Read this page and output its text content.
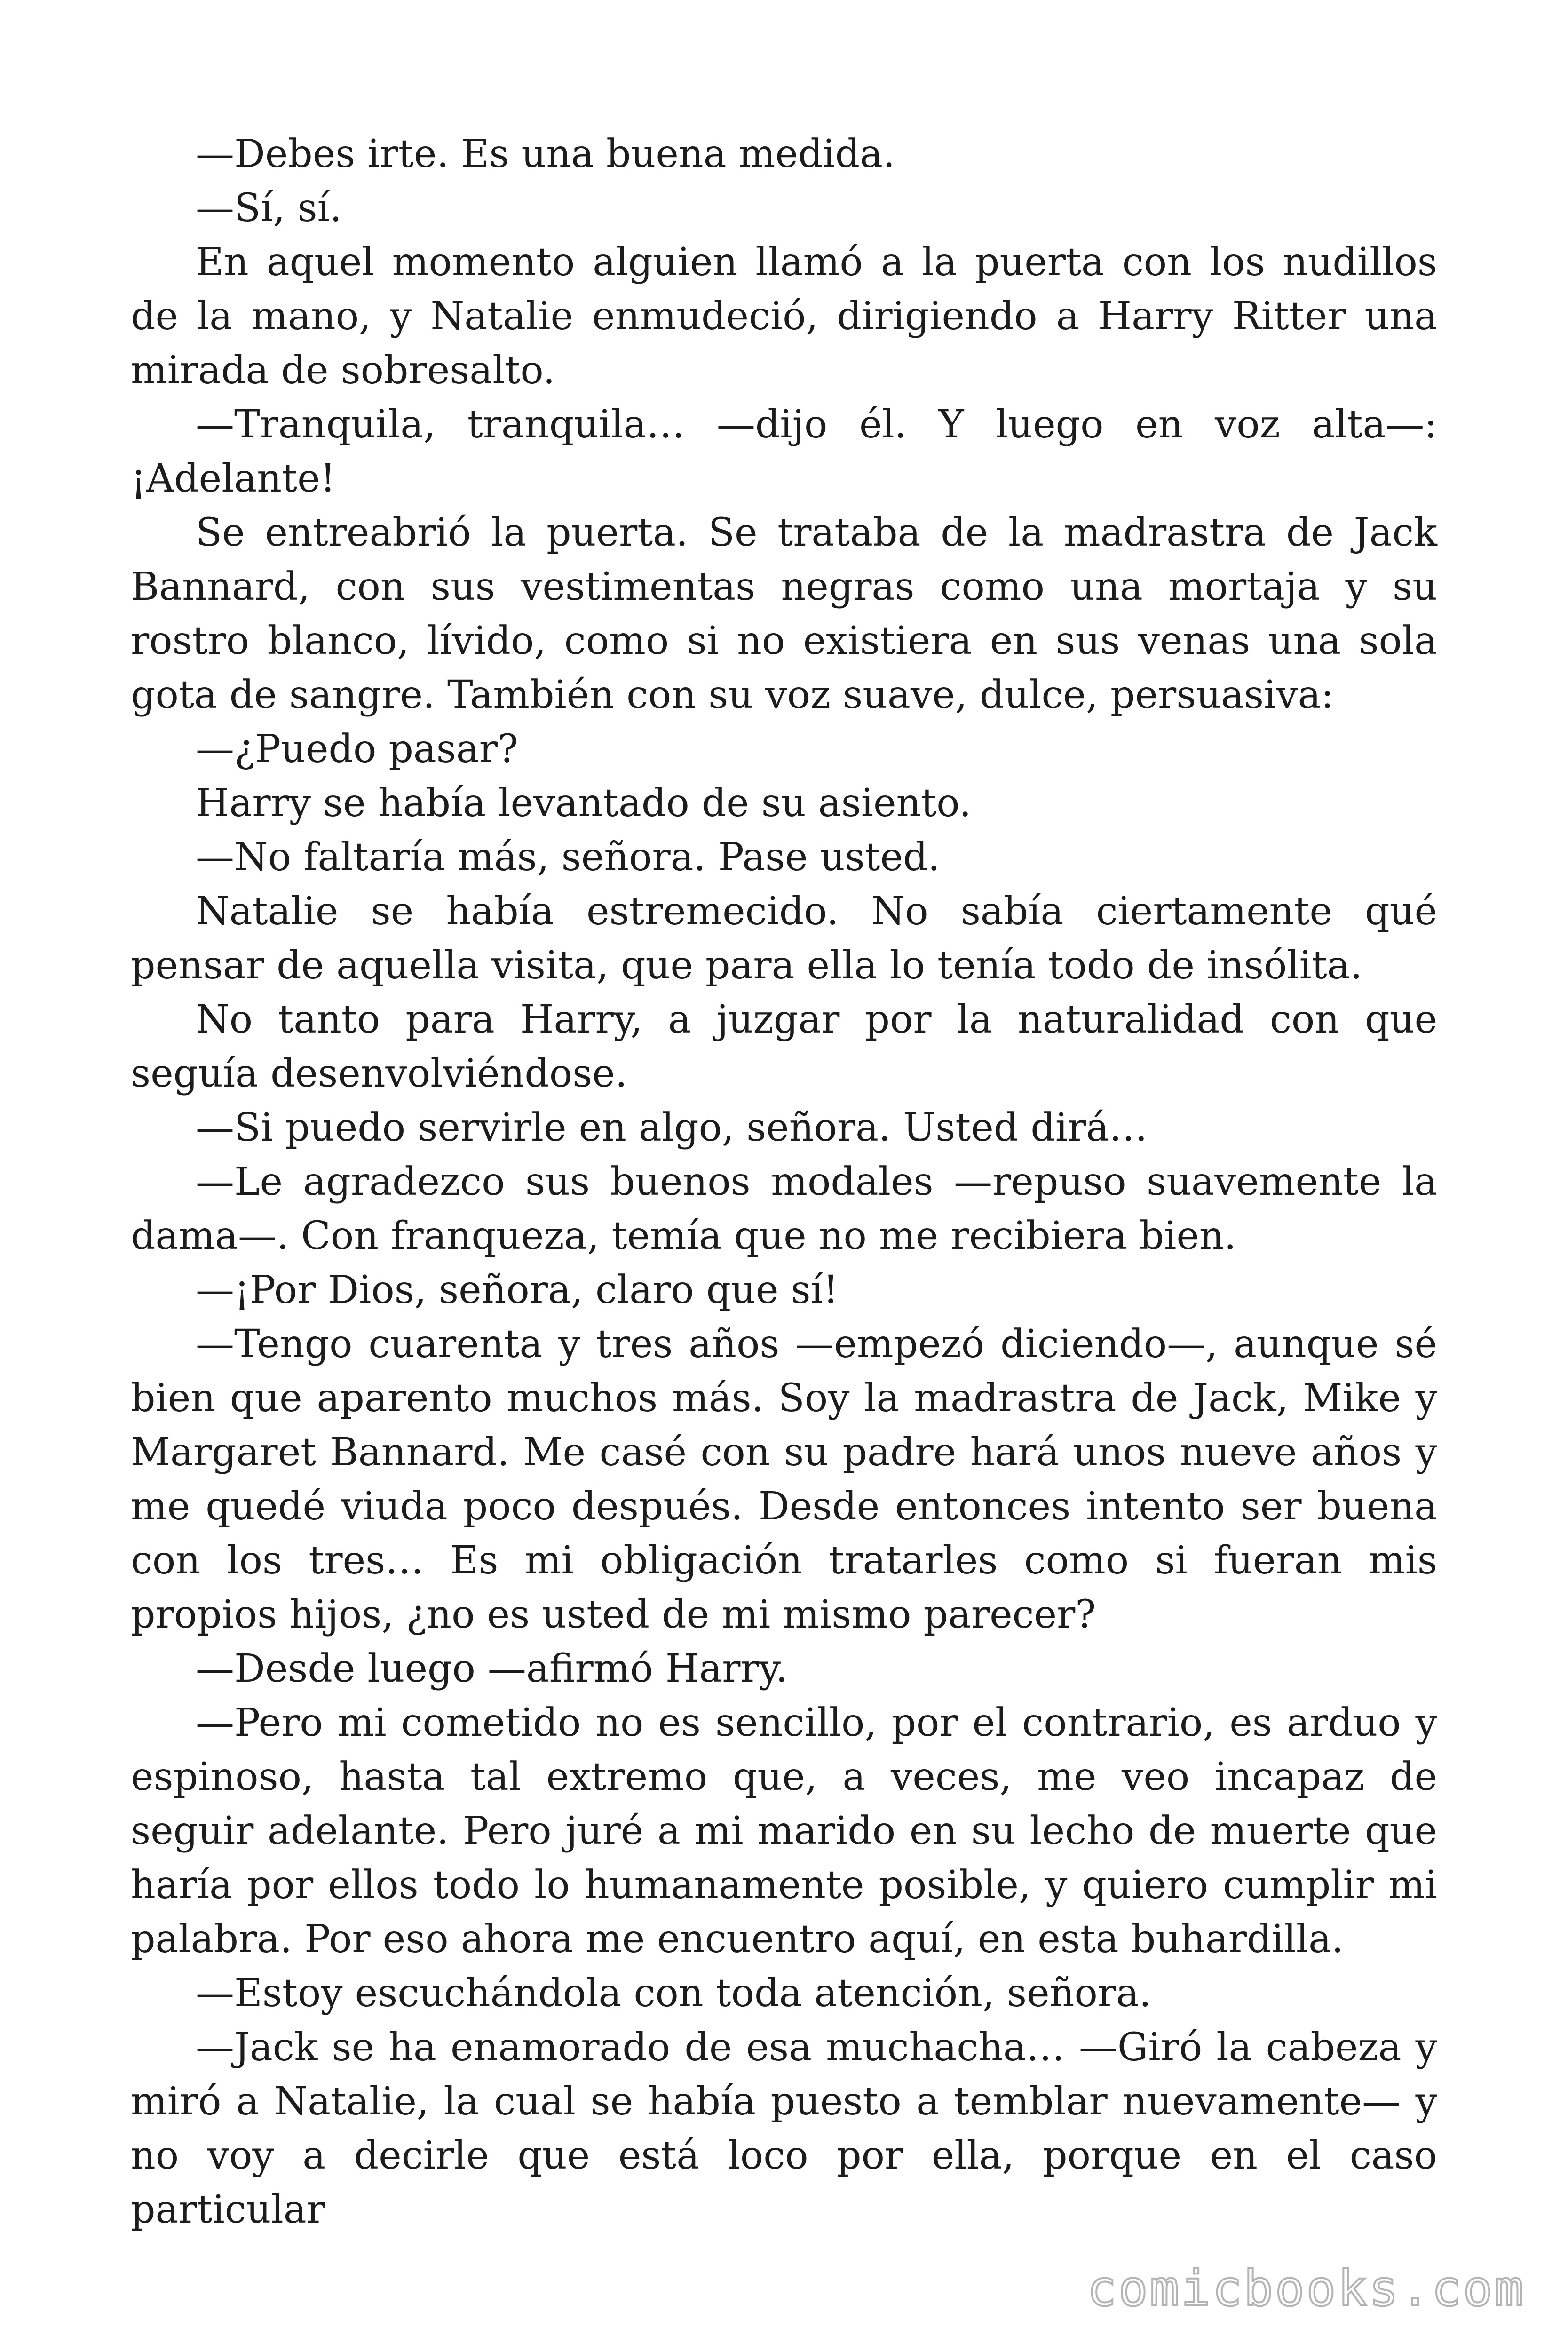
—Debes irte. Es una buena medida.

—Sí, sí.

En aquel momento alguien llamó a la puerta con los nudillos de la mano, y Natalie enmudeció, dirigiendo a Harry Ritter una mirada de sobresalto.

—Tranquila, tranquila… —dijo él. Y luego en voz alta—: ¡Adelante!

Se entreabrió la puerta. Se trataba de la madrastra de Jack Bannard, con sus vestimentas negras como una mortaja y su rostro blanco, lívido, como si no existiera en sus venas una sola gota de sangre. También con su voz suave, dulce, persuasiva:

—¿Puedo pasar?

Harry se había levantado de su asiento.

—No faltaría más, señora. Pase usted.

Natalie se había estremecido. No sabía ciertamente qué pensar de aquella visita, que para ella lo tenía todo de insólita.

No tanto para Harry, a juzgar por la naturalidad con que seguía desenvolviéndose.

—Si puedo servirle en algo, señora. Usted dirá…

—Le agradezco sus buenos modales —repuso suavemente la dama—. Con franqueza, temía que no me recibiera bien.

—¡Por Dios, señora, claro que sí!

—Tengo cuarenta y tres años —empezó diciendo—, aunque sé bien que aparento muchos más. Soy la madrastra de Jack, Mike y Margaret Bannard. Me casé con su padre hará unos nueve años y me quedé viuda poco después. Desde entonces intento ser buena con los tres… Es mi obligación tratarles como si fueran mis propios hijos, ¿no es usted de mi mismo parecer?

—Desde luego —afirmó Harry.

—Pero mi cometido no es sencillo, por el contrario, es arduo y espinoso, hasta tal extremo que, a veces, me veo incapaz de seguir adelante. Pero juré a mi marido en su lecho de muerte que haría por ellos todo lo humanamente posible, y quiero cumplir mi palabra. Por eso ahora me encuentro aquí, en esta buhardilla.

—Estoy escuchándola con toda atención, señora.

—Jack se ha enamorado de esa muchacha… —Giró la cabeza y miró a Natalie, la cual se había puesto a temblar nuevamente— y no voy a decirle que está loco por ella, porque en el caso particular

comicbooks.com
